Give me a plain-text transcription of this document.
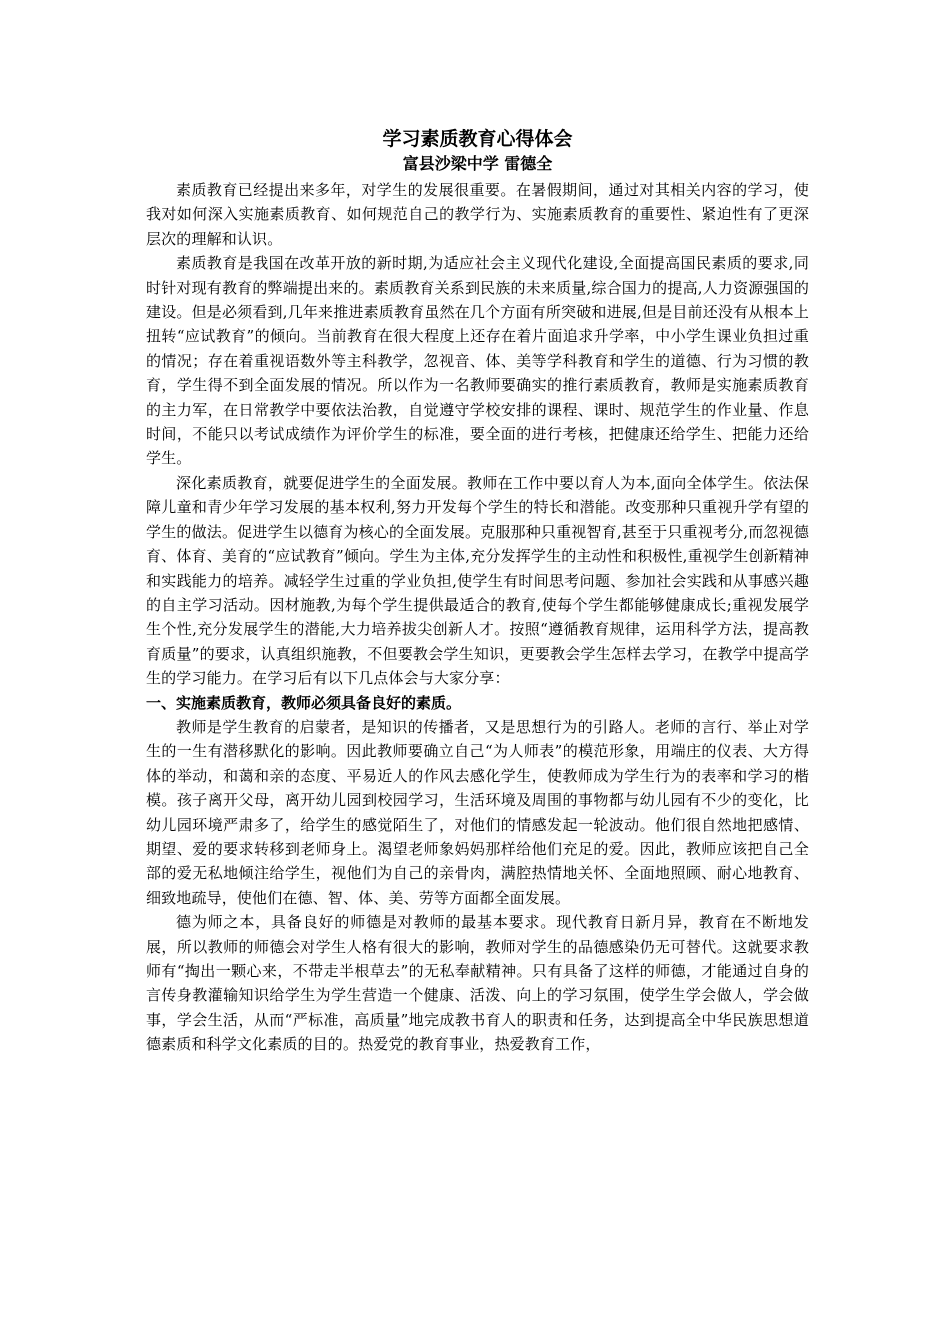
学习素质教育心得体会

富县沙梁中学 雷德全

素质教育已经提出来多年，对学生的发展很重要。在暑假期间，通过对其相关内容的学习，使我对如何深入实施素质教育、如何规范自己的教学行为、实施素质教育的重要性、紧迫性有了更深层次的理解和认识。

素质教育是我国在改革开放的新时期,为适应社会主义现代化建设,全面提高国民素质的要求,同时针对现有教育的弊端提出来的。素质教育关系到民族的未来质量,综合国力的提高,人力资源强国的建设。但是必须看到,几年来推进素质教育虽然在几个方面有所突破和进展,但是目前还没有从根本上扭转“应试教育”的倾向。当前教育在很大程度上还存在着片面追求升学率，中小学生课业负担过重的情况；存在着重视语数外等主科教学，忽视音、体、美等学科教育和学生的道德、行为习惯的教育，学生得不到全面发展的情况。所以作为一名教师要确实的推行素质教育，教师是实施素质教育的主力军，在日常教学中要依法治教，自觉遵守学校安排的课程、课时、规范学生的作业量、作息时间，不能只以考试成绩作为评价学生的标准，要全面的进行考核，把健康还给学生、把能力还给学生。

深化素质教育，就要促进学生的全面发展。教师在工作中要以育人为本,面向全体学生。依法保障儿童和青少年学习发展的基本权利,努力开发每个学生的特长和潜能。改变那种只重视升学有望的学生的做法。促进学生以德育为核心的全面发展。克服那种只重视智育,甚至于只重视考分,而忽视德育、体育、美育的“应试教育”倾向。学生为主体,充分发挥学生的主动性和积极性,重视学生创新精神和实践能力的培养。减轻学生过重的学业负担,使学生有时间思考问题、参加社会实践和从事感兴趣的自主学习活动。因材施教,为每个学生提供最适合的教育,使每个学生都能够健康成长;重视发展学生个性,充分发展学生的潜能,大力培养拔尖创新人才。按照“遵循教育规律，运用科学方法，提高教育质量”的要求，认真组织施教，不但要教会学生知识，更要教会学生怎样去学习，在教学中提高学生的学习能力。在学习后有以下几点体会与大家分享：

一、实施素质教育，教师必须具备良好的素质。

教师是学生教育的启蒙者，是知识的传播者，又是思想行为的引路人。老师的言行、举止对学生的一生有潜移默化的影响。因此教师要确立自己“为人师表”的模范形象，用端庄的仪表、大方得体的举动，和蔼和亲的态度、平易近人的作风去感化学生，使教师成为学生行为的表率和学习的楷模。孩子离开父母，离开幼儿园到校园学习，生活环境及周围的事物都与幼儿园有不少的变化，比幼儿园环境严肃多了，给学生的感觉陌生了，对他们的情感发起一轮波动。他们很自然地把感情、期望、爱的要求转移到老师身上。渴望老师象妈妈那样给他们充足的爱。因此，教师应该把自己全部的爱无私地倾注给学生，视他们为自己的亲骨肉，满腔热情地关怀、全面地照顾、耐心地教育、细致地疏导，使他们在德、智、体、美、劳等方面都全面发展。

德为师之本，具备良好的师德是对教师的最基本要求。现代教育日新月异，教育在不断地发展，所以教师的师德会对学生人格有很大的影响，教师对学生的品德感染仍无可替代。这就要求教师有“掏出一颗心来，不带走半根草去”的无私奉献精神。只有具备了这样的师德，才能通过自身的言传身教灌输知识给学生为学生营造一个健康、活泼、向上的学习氛围，使学生学会做人，学会做事，学会生活，从而“严标准，高质量”地完成教书育人的职责和任务，达到提高全中华民族思想道德素质和科学文化素质的目的。热爱党的教育事业，热爱教育工作，
